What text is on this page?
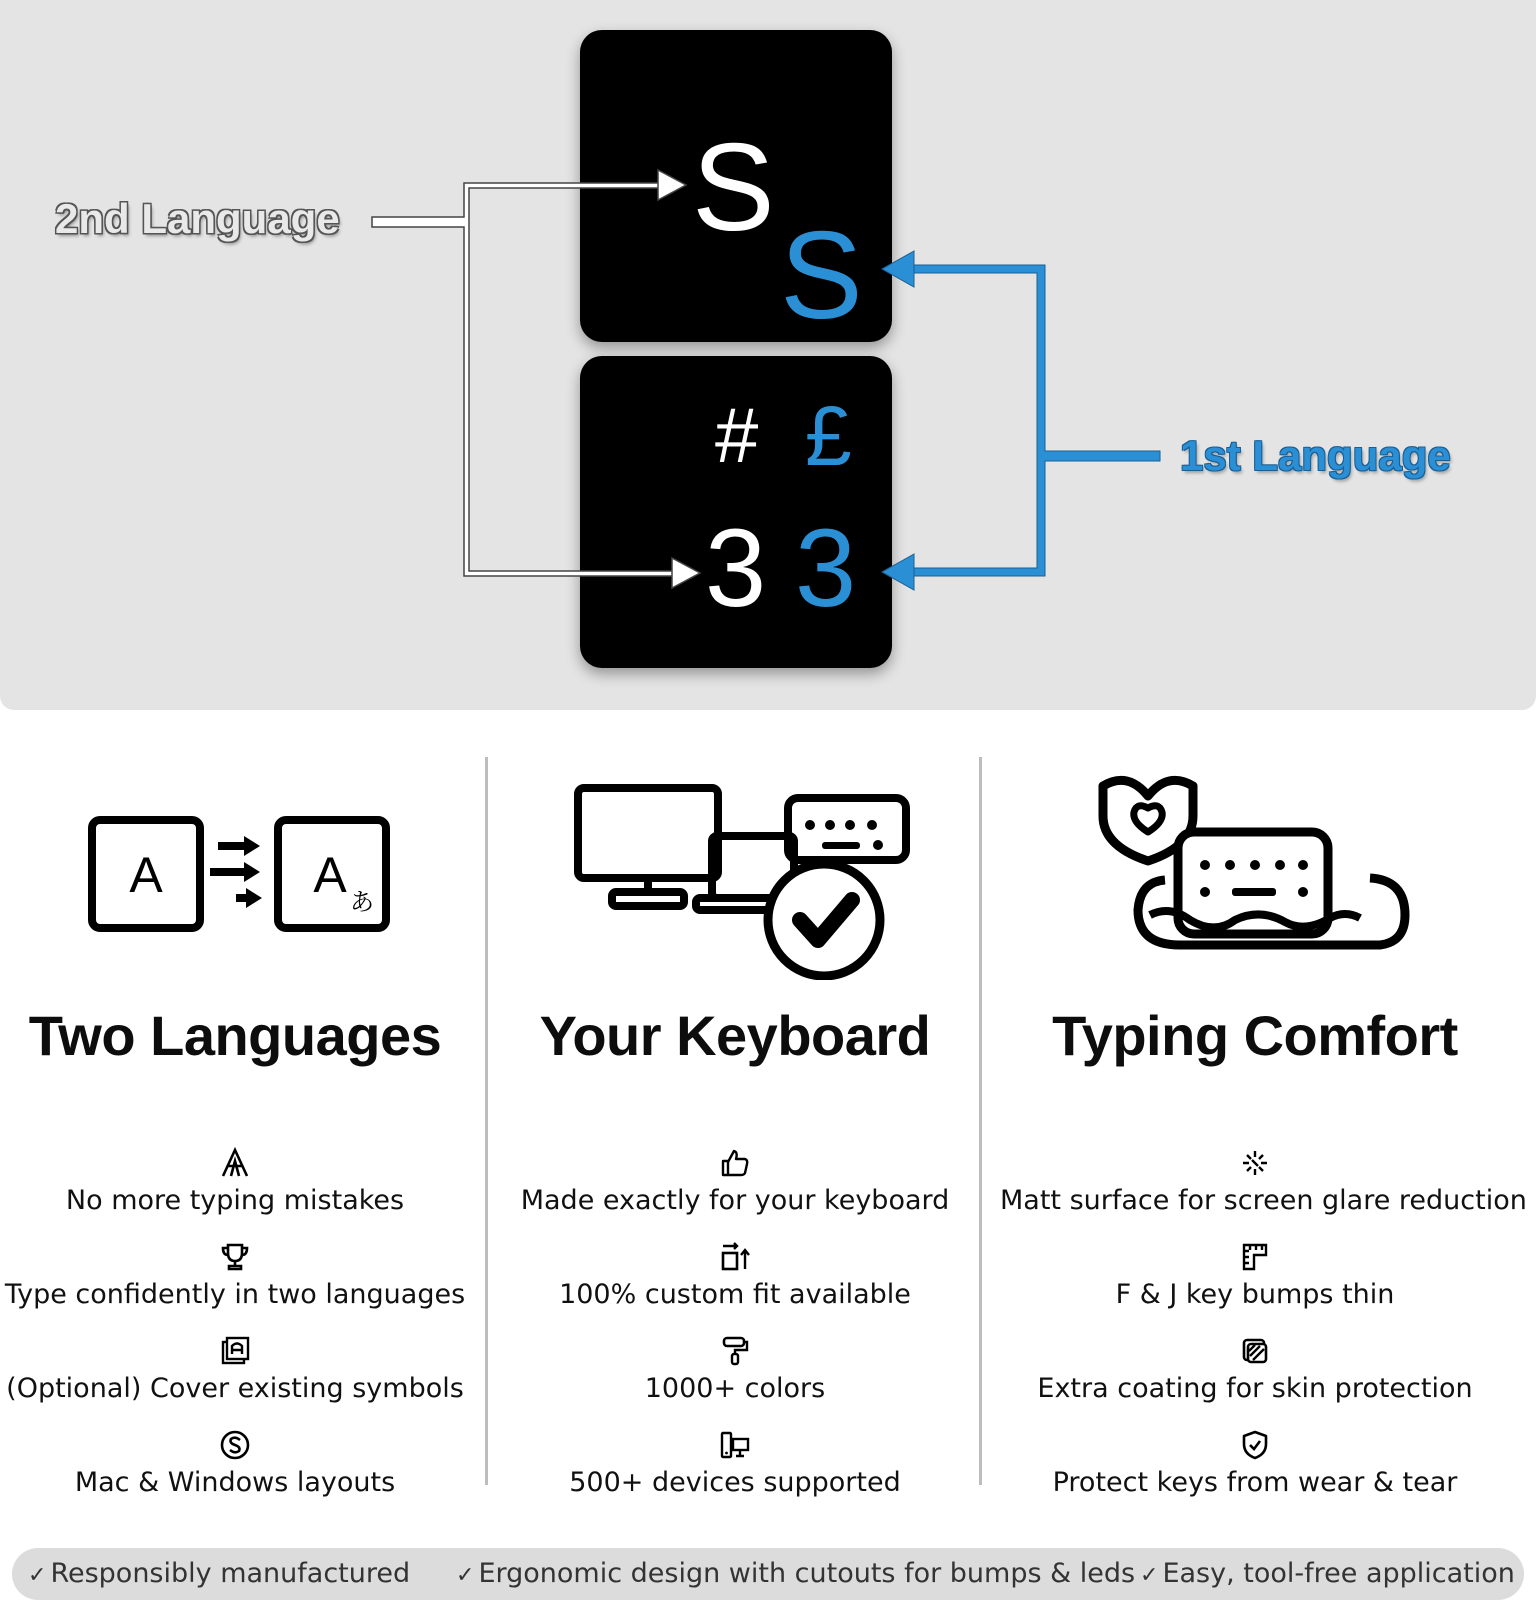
S
S
# £
3 3
2nd Language
1st Language
A	A あ
Two Languages
No more typing mistakes
Type confidently in two languages
(Optional) Cover existing symbols
Mac & Windows layouts
Your Keyboard
Made exactly for your keyboard
100% custom fit available
1000+ colors
500+ devices supported
Typing Comfort
Matt surface for screen glare reduction
F & J key bumps thin
Extra coating for skin protection
Protect keys from wear & tear
✓ Responsibly manufactured ✓ Ergonomic design with cutouts for bumps & leds ✓ Easy, tool-free application
